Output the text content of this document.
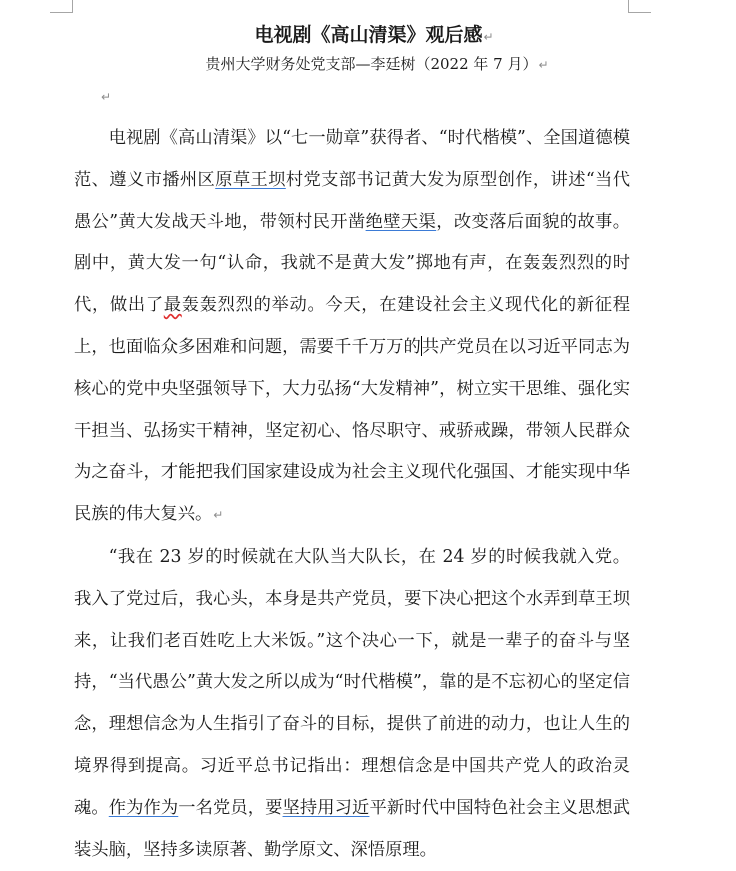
电视剧《高山清渠》观后感↵
贵州大学财务处党支部—李廷树（2022 年 7 月）↵
↵

电视剧《高山清渠》以“七一勋章”获得者、“时代楷模”、全国道德模范、遵义市播州区原草王坝村党支部书记黄大发为原型创作，讲述“当代愚公”黄大发战天斗地，带领村民开凿绝壁天渠，改变落后面貌的故事。剧中，黄大发一句“认命，我就不是黄大发”掷地有声，在轰轰烈烈的时代，做出了最轰轰烈烈的举动。今天，在建设社会主义现代化的新征程上，也面临众多困难和问题，需要千千万万的共产党员在以习近平同志为核心的党中央坚强领导下，大力弘扬“大发精神”，树立实干思维、强化实干担当、弘扬实干精神，坚定初心、恪尽职守、戒骄戒躁，带领人民群众为之奋斗，才能把我们国家建设成为社会主义现代化强国、才能实现中华民族的伟大复兴。↵

“我在 23 岁的时候就在大队当大队长，在 24 岁的时候我就入党。我入了党过后，我心头，本身是共产党员，要下决心把这个水弄到草王坝来，让我们老百姓吃上大米饭。”这个决心一下，就是一辈子的奋斗与坚持，“当代愚公”黄大发之所以成为“时代楷模”，靠的是不忘初心的坚定信念，理想信念为人生指引了奋斗的目标，提供了前进的动力，也让人生的境界得到提高。习近平总书记指出：理想信念是中国共产党人的政治灵魂。作为作为一名党员，要坚持用习近平新时代中国特色社会主义思想武装头脑，坚持多读原著、勤学原文、深悟原理。
